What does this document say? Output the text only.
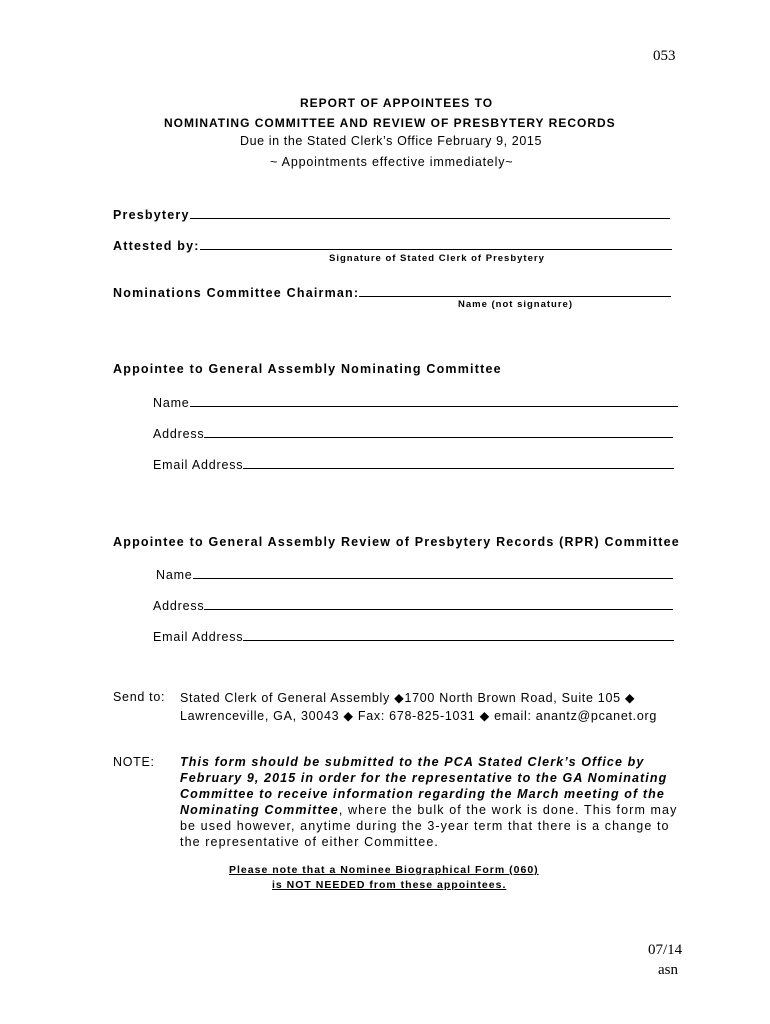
053
REPORT OF APPOINTEES TO
NOMINATING COMMITTEE AND REVIEW OF PRESBYTERY RECORDS
Due in the Stated Clerk’s Office February 9, 2015
~ Appointments effective immediately~
Presbytery
Attested by:
Signature of Stated Clerk of Presbytery
Nominations Committee Chairman:
Name (not signature)
Appointee to General Assembly Nominating Committee
Name
Address
Email Address
Appointee to General Assembly Review of Presbytery Records (RPR) Committee
Name
Address
Email Address
Send to: Stated Clerk of General Assembly ◆1700 North Brown Road, Suite 105 ◆
Lawrenceville, GA, 30043 ◆ Fax: 678-825-1031 ◆ email: anantz@pcanet.org
NOTE: This form should be submitted to the PCA Stated Clerk’s Office by
February 9, 2015 in order for the representative to the GA Nominating
Committee to receive information regarding the March meeting of the
Nominating Committee, where the bulk of the work is done. This form may
be used however, anytime during the 3-year term that there is a change to
the representative of either Committee.
Please note that a Nominee Biographical Form (060)
is NOT NEEDED from these appointees.
07/14
asn
